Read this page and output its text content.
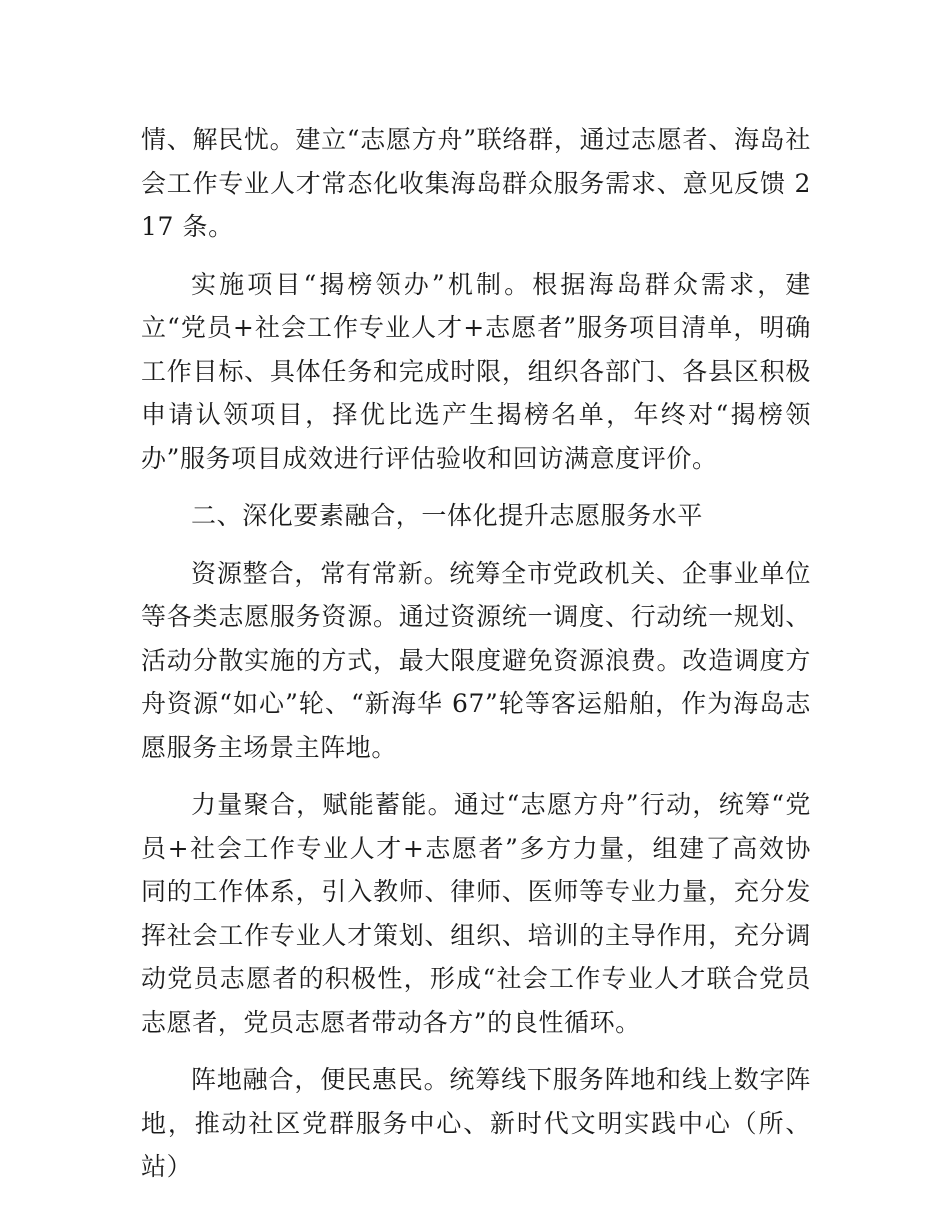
情、解民忧。建立“志愿方舟”联络群，通过志愿者、海岛社会工作专业人才常态化收集海岛群众服务需求、意见反馈 217 条。

实施项目“揭榜领办”机制。根据海岛群众需求，建立“党员+社会工作专业人才+志愿者”服务项目清单，明确工作目标、具体任务和完成时限，组织各部门、各县区积极申请认领项目，择优比选产生揭榜名单，年终对“揭榜领办”服务项目成效进行评估验收和回访满意度评价。

二、深化要素融合，一体化提升志愿服务水平

资源整合，常有常新。统筹全市党政机关、企事业单位等各类志愿服务资源。通过资源统一调度、行动统一规划、活动分散实施的方式，最大限度避免资源浪费。改造调度方舟资源“如心”轮、“新海华 67”轮等客运船舶，作为海岛志愿服务主场景主阵地。

力量聚合，赋能蓄能。通过“志愿方舟”行动，统筹“党员+社会工作专业人才+志愿者”多方力量，组建了高效协同的工作体系，引入教师、律师、医师等专业力量，充分发挥社会工作专业人才策划、组织、培训的主导作用，充分调动党员志愿者的积极性，形成“社会工作专业人才联合党员志愿者，党员志愿者带动各方”的良性循环。

阵地融合，便民惠民。统筹线下服务阵地和线上数字阵地，推动社区党群服务中心、新时代文明实践中心（所、站）
